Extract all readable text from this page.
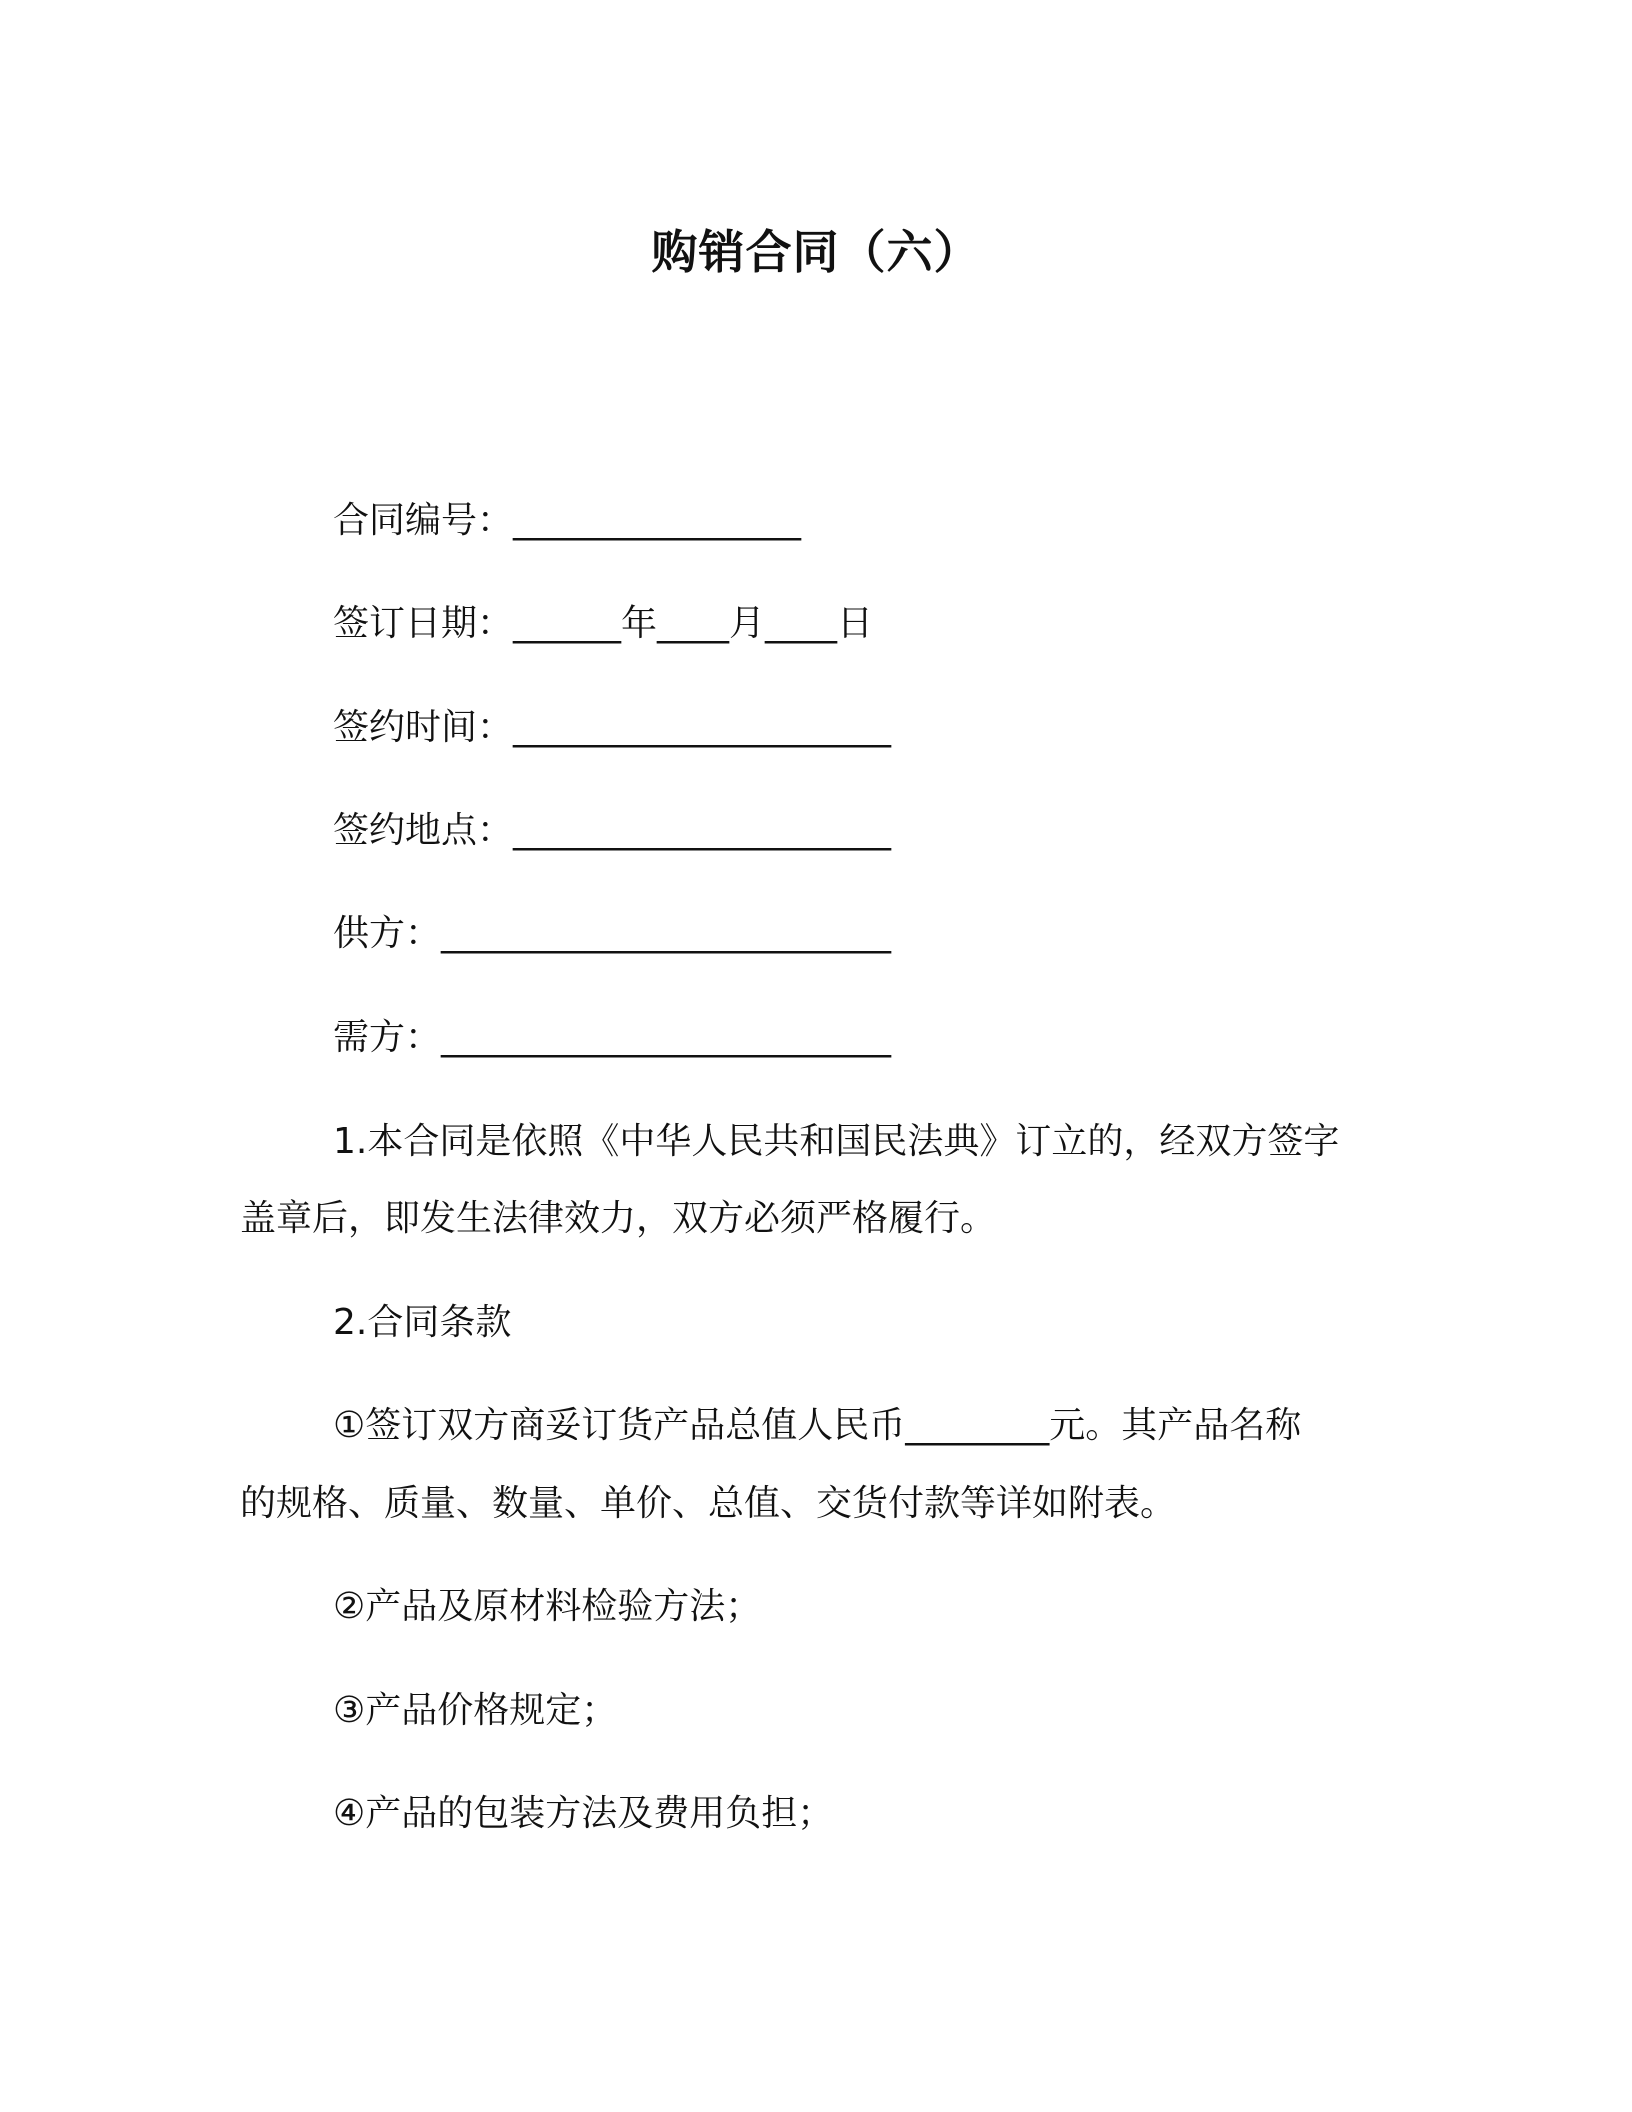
购销合同（六）
合同编号：________________
签订日期：______年____月____日
签约时间：_____________________
签约地点：_____________________
供方：_________________________
需方：_________________________
1.本合同是依照《中华人民共和国民法典》订立的，经双方签字
盖章后，即发生法律效力，双方必须严格履行。
2.合同条款
①签订双方商妥订货产品总值人民币________元。其产品名称
的规格、质量、数量、单价、总值、交货付款等详如附表。
②产品及原材料检验方法；
③产品价格规定；
④产品的包装方法及费用负担；
